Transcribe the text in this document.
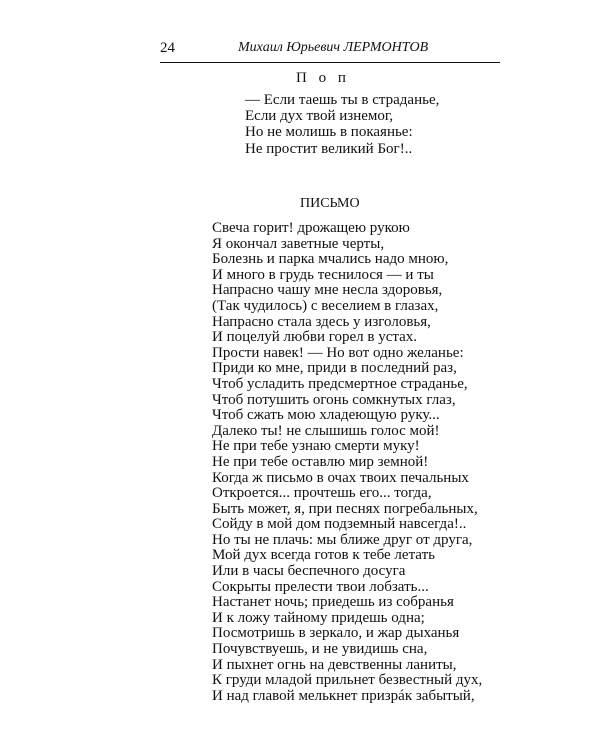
24	Михаил Юрьевич ЛЕРМОНТОВ
П о п
— Если таешь ты в страданье,
Если дух твой изнемог,
Но не молишь в покаянье:
Не простит великий Бог!..
ПИСЬМО
Свеча горит! дрожащею рукою
Я окончал заветные черты,
Болезнь и парка мчались надо мною,
И много в грудь теснилося — и ты
Напрасно чашу мне несла здоровья,
(Так чудилось) с веселием в глазах,
Напрасно стала здесь у изголовья,
И поцелуй любви горел в устах.
Прости навек! — Но вот одно желанье:
Приди ко мне, приди в последний раз,
Чтоб усладить предсмертное страданье,
Чтоб потушить огонь сомкнутых глаз,
Чтоб сжать мою хладеющую руку...
Далеко ты! не слышишь голос мой!
Не при тебе узнаю смерти муку!
Не при тебе оставлю мир земной!
Когда ж письмо в очах твоих печальных
Откроется... прочтешь его... тогда,
Быть может, я, при песнях погребальных,
Сойду в мой дом подземный навсегда!..
Но ты не плачь: мы ближе друг от друга,
Мой дух всегда готов к тебе летать
Или в часы беспечного досуга
Сокрыты прелести твои лобзать...
Настанет ночь; приедешь из собранья
И к ложу тайному придешь одна;
Посмотришь в зеркало, и жар дыханья
Почувствуешь, и не увидишь сна,
И пыхнет огнь на девственны ланиты,
К груди младой прильнет безвестный дух,
И над главой мелькнет призрáк забытый,
